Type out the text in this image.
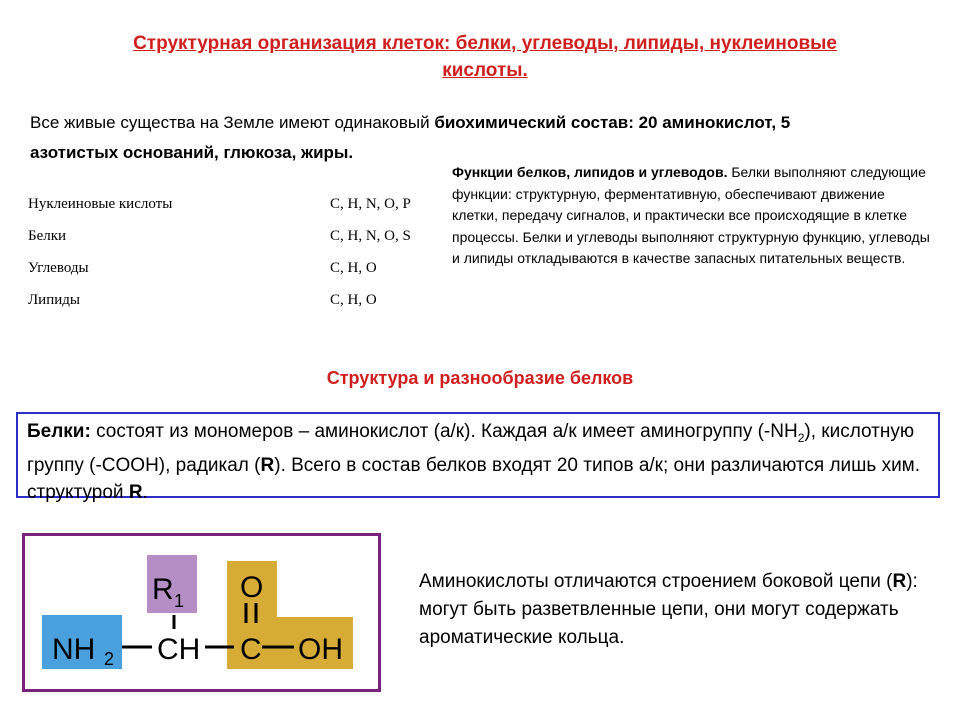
Структурная организация клеток: белки, углеводы, липиды, нуклеиновые кислоты.
Все живые существа на Земле имеют одинаковый биохимический состав: 20 аминокислот, 5 азотистых оснований, глюкоза, жиры.
Нуклеиновые кислоты	C, H, N, O, P
Белки	C, H, N, O, S
Углеводы	C, H, O
Липиды	C, H, O
Функции белков, липидов и углеводов. Белки выполняют следующие функции: структурную, ферментативную, обеспечивают движение клетки, передачу сигналов, и практически все происходящие в клетке процессы. Белки и углеводы выполняют структурную функцию, углеводы и липиды откладываются в качестве запасных питательных веществ.
Структура и разнообразие белков
Белки: состоят из мономеров – аминокислот (а/к). Каждая а/к имеет аминогруппу $(-NH_2)$, кислотную группу (-COOH), радикал (R). Всего в состав белков входят 20 типов а/к; они различаются лишь хим. структурой R.
NH 2 CH
R 1 O
C OH
Аминокислоты отличаются строением боковой цепи (R): могут быть разветвленные цепи, они могут содержать ароматические кольца.
